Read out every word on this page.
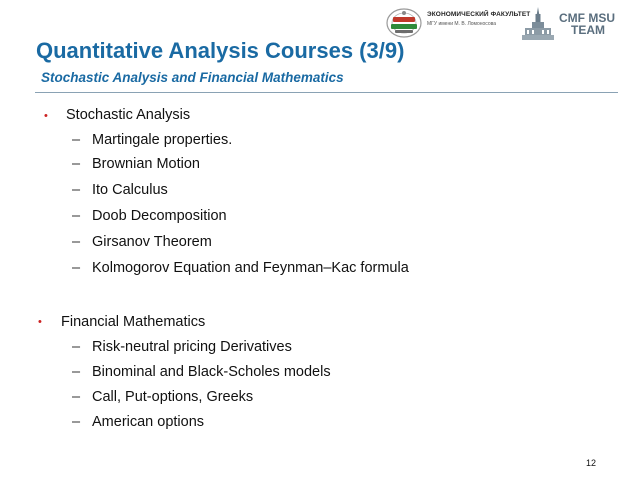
ЭКОНОМИЧЕСКИЙ ФАКУЛЬТЕТ
МГУ имени М. В. Ломоносова	CMF MSU
TEAM
Quantitative Analysis Courses (3/9)
Stochastic Analysis and Financial Mathematics
• Stochastic Analysis
– Martingale properties.
– Brownian Motion
– Ito Calculus
– Doob Decomposition
– Girsanov Theorem
– Kolmogorov Equation and Feynman–Kac formula
• Financial Mathematics
– Risk-neutral pricing Derivatives
– Binominal and Black-Scholes models
– Call, Put-options, Greeks
– American options
12
